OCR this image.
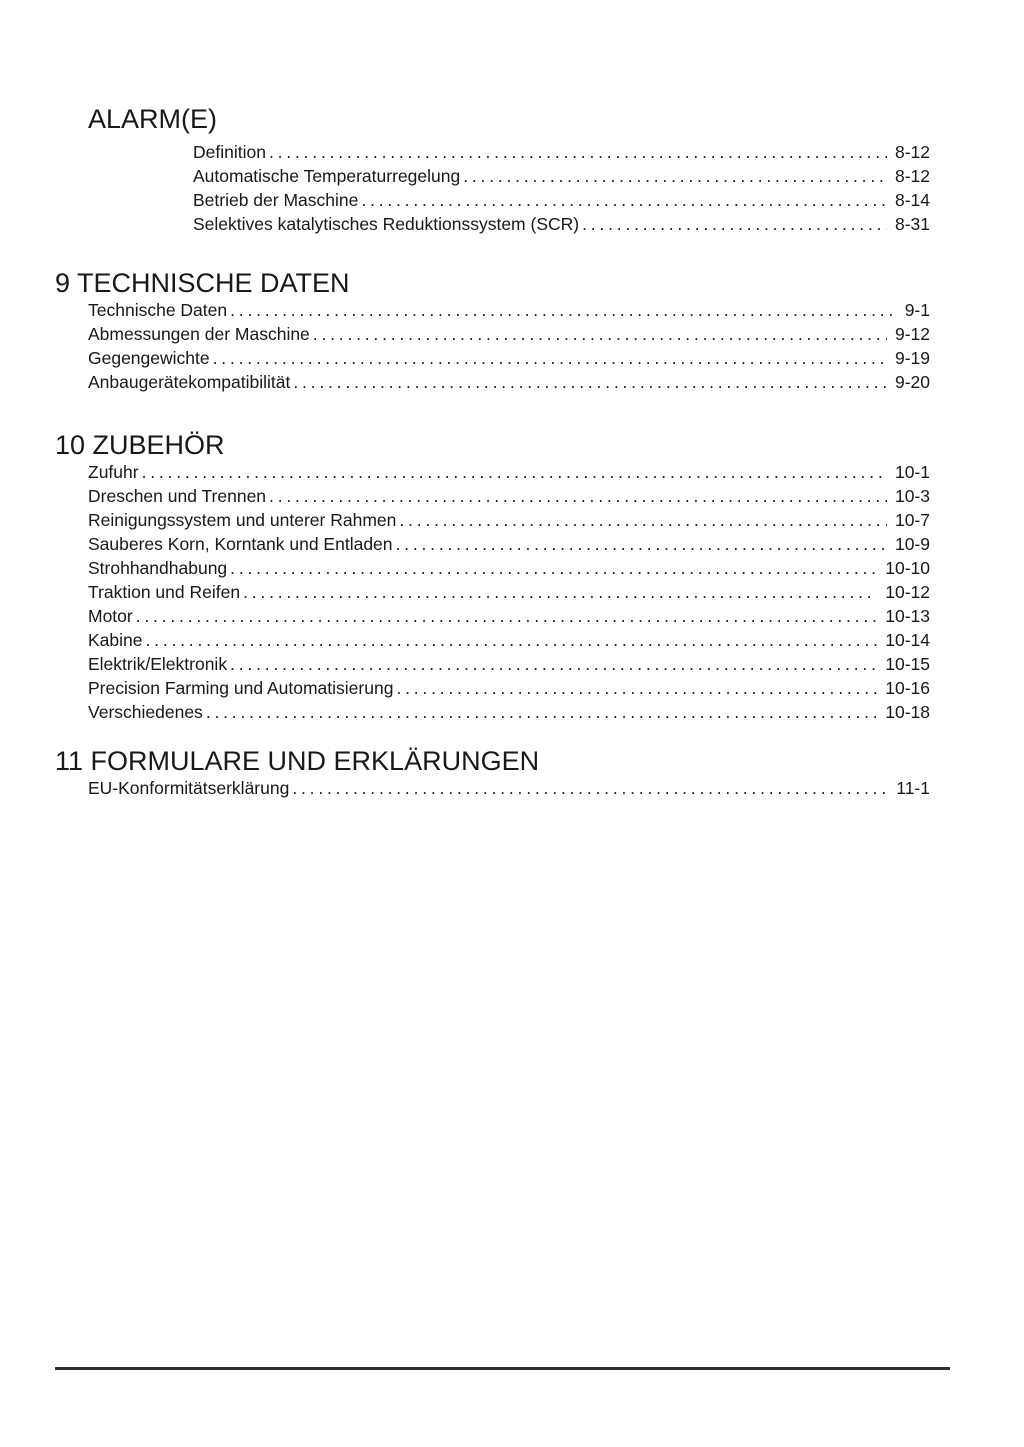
ALARM(E)
Definition .....	8-12
Automatische Temperaturregelung .....	8-12
Betrieb der Maschine .....	8-14
Selektives katalytisches Reduktionssystem (SCR) .....	8-31
9 TECHNISCHE DATEN
Technische Daten .....	9-1
Abmessungen der Maschine .....	9-12
Gegengewichte .....	9-19
Anbaugerätekompatibilität .....	9-20
10 ZUBEHÖR
Zufuhr .....	10-1
Dreschen und Trennen .....	10-3
Reinigungssystem und unterer Rahmen .....	10-7
Sauberes Korn, Korntank und Entladen .....	10-9
Strohhandhabung .....	10-10
Traktion und Reifen .....	10-12
Motor .....	10-13
Kabine .....	10-14
Elektrik/Elektronik .....	10-15
Precision Farming und Automatisierung .....	10-16
Verschiedenes .....	10-18
11 FORMULARE UND ERKLÄRUNGEN
EU-Konformitätserklärung .....	11-1
